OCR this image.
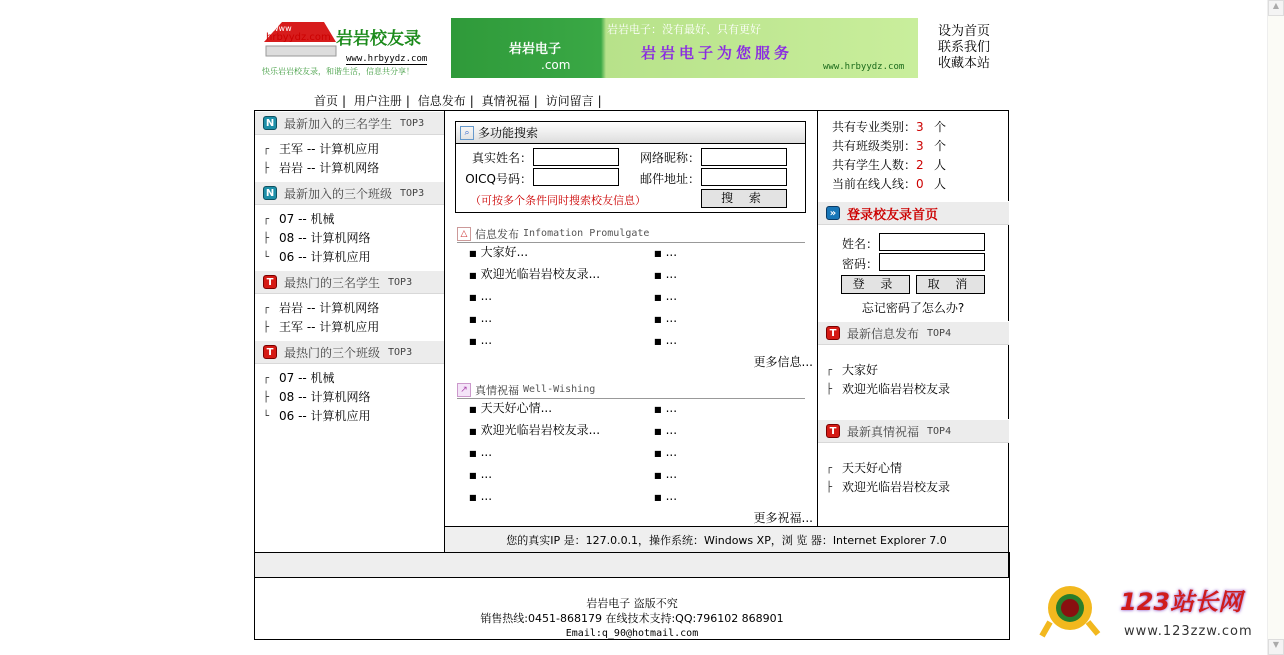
www
hrbyydz.com 岩岩校友录
www.hrbyydz.com
快乐岩岩校友录，和谐生活，信息共分享！
岩岩电子
.com
岩岩电子：没有最好、只有更好
岩岩电子为您服务
www.hrbyydz.com
设为首页
联系我们
收藏本站
首页 | 用户注册 | 信息发布 | 真情祝福 | 访问留言 |
N 最新加入的三名学生 TOP3
┌ 王军 -- 计算机应用
├ 岩岩 -- 计算机网络
N 最新加入的三个班级 TOP3
┌ 07 -- 机械
├ 08 -- 计算机网络
└ 06 -- 计算机应用
T 最热门的三名学生 TOP3
┌ 岩岩 -- 计算机网络
├ 王军 -- 计算机应用
T 最热门的三个班级 TOP3
┌ 07 -- 机械
├ 08 -- 计算机网络
└ 06 -- 计算机应用
⌕ 多功能搜索
真实姓名：	网络昵称：
OICQ号码：	邮件地址：
（可按多个条件同时搜索校友信息）	搜 索
△ 信息发布 Infomation Promulgate
■ 大家好...	■ ...
■ 欢迎光临岩岩校友录...	■ ...
■ ...	■ ...
■ ...	■ ...
■ ...	■ ...
更多信息...
↗ 真情祝福 Well-Wishing
■ 天天好心情...	■ ...
■ 欢迎光临岩岩校友录...	■ ...
■ ...	■ ...
■ ...	■ ...
■ ...	■ ...
更多祝福...
您的真实IP 是：127.0.0.1，操作系统：Windows XP，浏 览 器：Internet Explorer 7.0
共有专业类别：3 个
共有班级类别：3 个
共有学生人数：2 人
当前在线人线：0 人
» 登录校友录首页
姓名：
密码：
登 录	取 消
忘记密码了怎么办?
T 最新信息发布 TOP4
┌ 大家好
├ 欢迎光临岩岩校友录
T 最新真情祝福 TOP4
┌ 天天好心情
├ 欢迎光临岩岩校友录
岩岩电子 盗版不究
销售热线:0451-868179 在线技术支持:QQ:796102 868901
Email:q_90@hotmail.com
123站长网
www.123zzw.com
▲
▼
